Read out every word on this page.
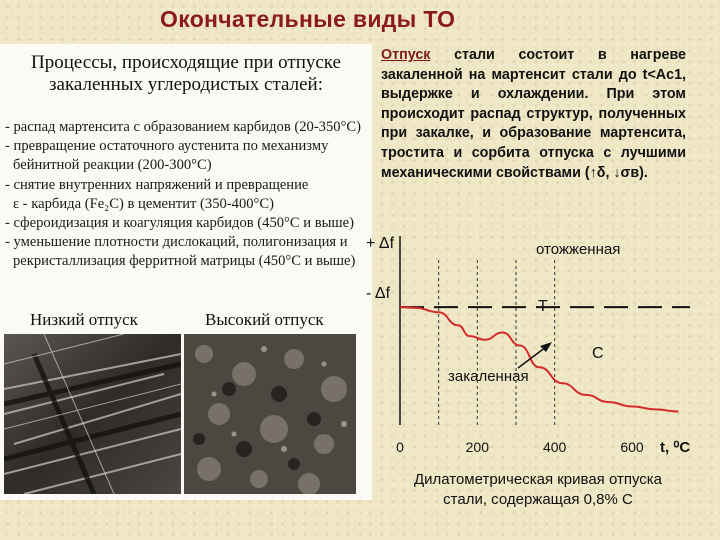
Окончательные виды ТО
Процессы, происходящие при отпуске
закаленных углеродистых сталей:
- распад мартенсита с образованием карбидов (20-350°С)
- превращение остаточного аустенита по механизму
бейнитной реакции (200-300°С)
- снятие внутренних напряжений и превращение
ε - карбида (Fe₂C) в цементит (350-400°С)
- сфероидизация и коагуляция карбидов (450°С и выше)
- уменьшение плотности дислокаций, полигонизация и
рекристаллизация ферритной матрицы (450°С и выше)
Низкий отпуск	Высокий отпуск
Отпуск стали состоит в нагреве закаленной на мартенсит стали до t<Ac1, выдержке и охлаждении. При этом происходит распад структур, полученных при закалке, и образование мартенсита, тростита и сорбита отпуска с лучшими механическими свойствами (↑δ, ↓σв).
0	200	400	600
+ Δf
- Δf
t, ⁰С
отожженная
Т
С
закаленная
Дилатометрическая кривая отпуска
стали, содержащая 0,8% С
